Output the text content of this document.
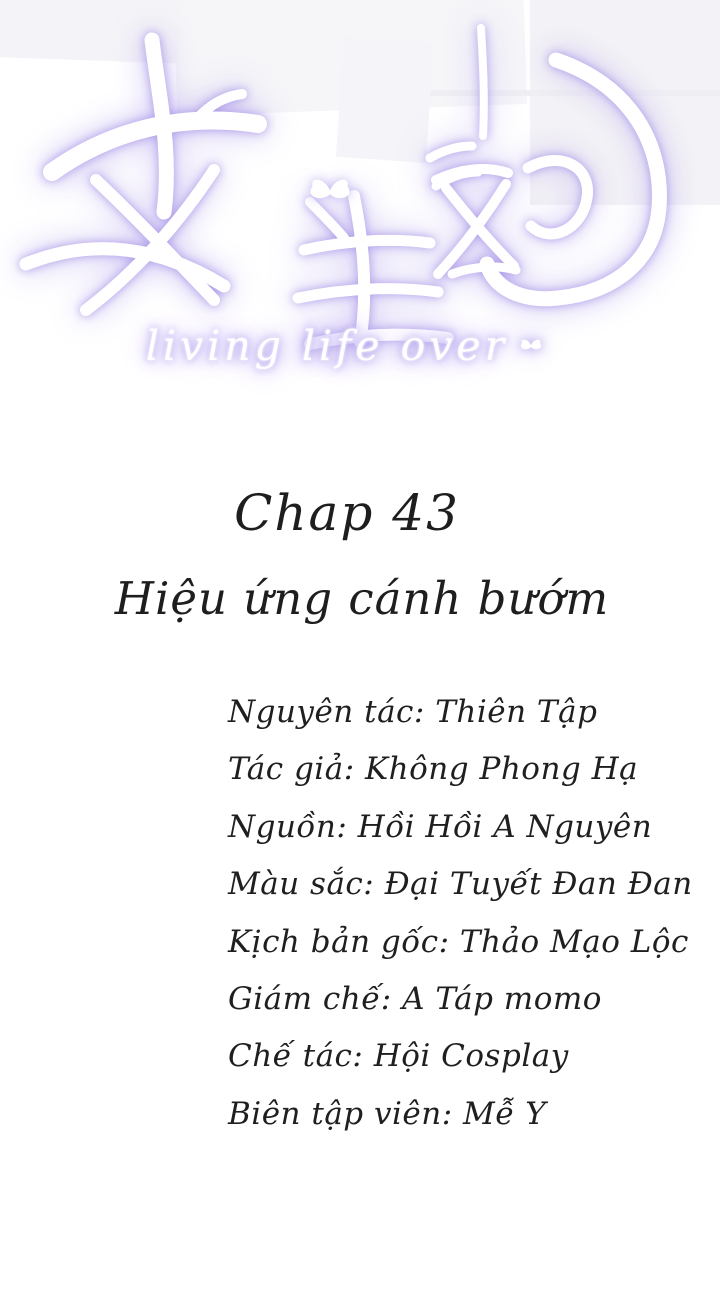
living life over
Chap 43
Hiệu ứng cánh bướm
Nguyên tác: Thiên Tập
Tác giả: Không Phong Hạ
Nguồn: Hồi Hồi A Nguyên
Màu sắc: Đại Tuyết Đan Đan
Kịch bản gốc: Thảo Mạo Lộc
Giám chế: A Táp momo
Chế tác: Hội Cosplay
Biên tập viên: Mễ Y
